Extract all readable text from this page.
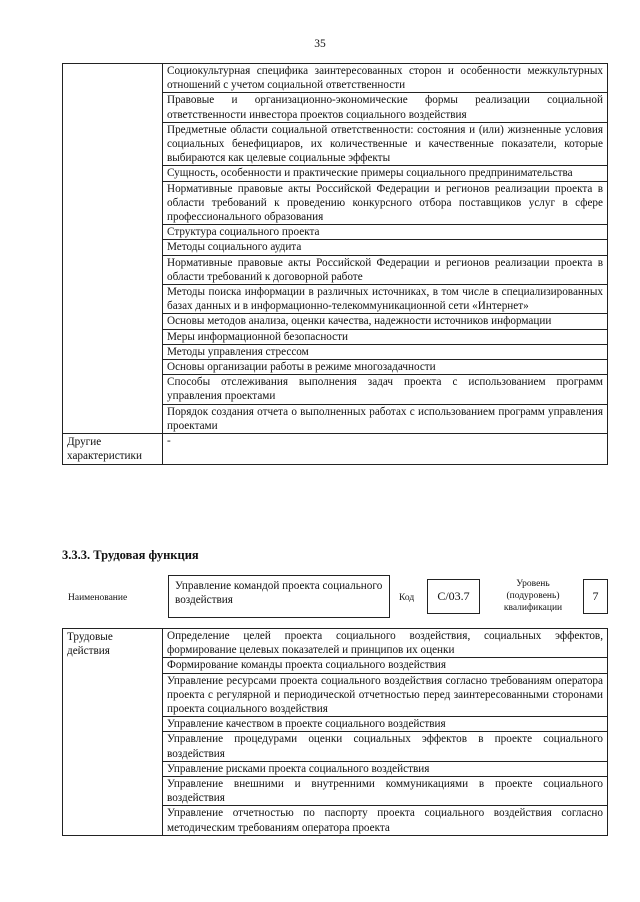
35
	Социокультурная специфика заинтересованных сторон и особенности межкультурных отношений с учетом социальной ответственности
	Правовые и организационно-экономические формы реализации социальной ответственности инвестора проектов социального воздействия
	Предметные области социальной ответственности: состояния и (или) жизненные условия социальных бенефициаров, их количественные и качественные показатели, которые выбираются как целевые социальные эффекты
	Сущность, особенности и практические примеры социального предпринимательства
	Нормативные правовые акты Российской Федерации и регионов реализации проекта в области требований к проведению конкурсного отбора поставщиков услуг в сфере профессионального образования
	Структура социального проекта
	Методы социального аудита
	Нормативные правовые акты Российской Федерации и регионов реализации проекта в области требований к договорной работе
	Методы поиска информации в различных источниках, в том числе в специализированных базах данных и в информационно-телекоммуникационной сети «Интернет»
	Основы методов анализа, оценки качества, надежности источников информации
	Меры информационной безопасности
	Методы управления стрессом
	Основы организации работы в режиме многозадачности
	Способы отслеживания выполнения задач проекта с использованием программ управления проектами
	Порядок создания отчета о выполненных работах с использованием программ управления проектами
Другие характеристики	-
3.3.3. Трудовая функция
Наименование
Управление командой проекта социального воздействия	Код	С/03.7
Уровень (подуровень) квалификации
7
Трудовые действия	Определение целей проекта социального воздействия, социальных эффектов, формирование целевых показателей и принципов их оценки
Формирование команды проекта социального воздействия
Управление ресурсами проекта социального воздействия согласно требованиям оператора проекта с регулярной и периодической отчетностью перед заинтересованными сторонами проекта социального воздействия
Управление качеством в проекте социального воздействия
Управление процедурами оценки социальных эффектов в проекте социального воздействия
Управление рисками проекта социального воздействия
Управление внешними и внутренними коммуникациями в проекте социального воздействия
Управление отчетностью по паспорту проекта социального воздействия согласно методическим требованиям оператора проекта
